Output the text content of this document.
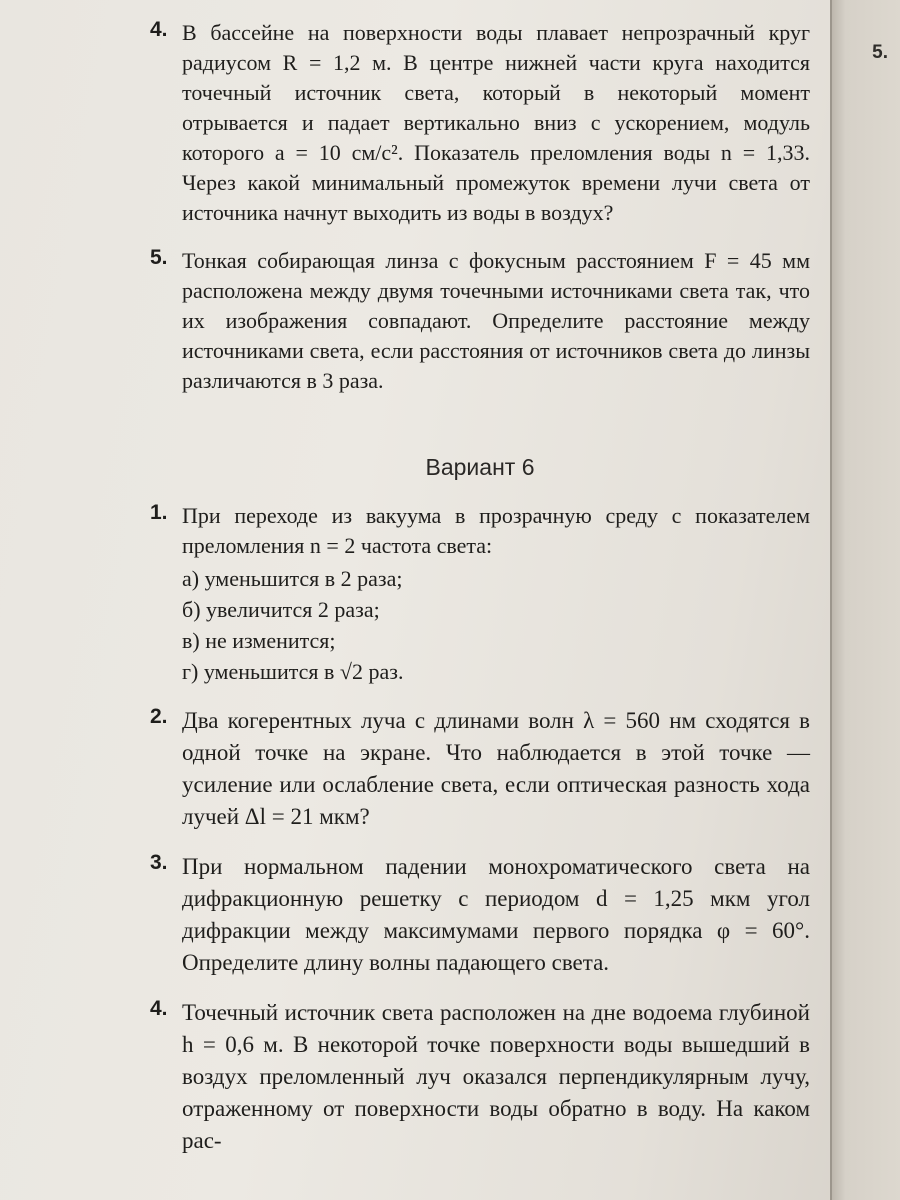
5.
4. В бассейне на поверхности воды плавает непрозрачный круг радиусом R = 1,2 м. В центре нижней части круга находится точечный источник света, который в некоторый момент отрывается и падает вертикально вниз с ускорением, модуль которого a = 10 см/с². Показатель преломления воды n = 1,33. Через какой минимальный промежуток времени лучи света от источника начнут выходить из воды в воздух?
5. Тонкая собирающая линза с фокусным расстоянием F = 45 мм расположена между двумя точечными источниками света так, что их изображения совпадают. Определите расстояние между источниками света, если расстояния от источников света до линзы различаются в 3 раза.
Вариант 6
1. При переходе из вакуума в прозрачную среду с показателем преломления n = 2 частота света:
а) уменьшится в 2 раза;
б) увеличится 2 раза;
в) не изменится;
г) уменьшится в √2 раз.
2. Два когерентных луча с длинами волн λ = 560 нм сходятся в одной точке на экране. Что наблюдается в этой точке — усиление или ослабление света, если оптическая разность хода лучей Δl = 21 мкм?
3. При нормальном падении монохроматического света на дифракционную решетку с периодом d = 1,25 мкм угол дифракции между максимумами первого порядка φ = 60°. Определите длину волны падающего света.
4. Точечный источник света расположен на дне водоема глубиной h = 0,6 м. В некоторой точке поверхности воды вышедший в воздух преломленный луч оказался перпендикулярным лучу, отраженному от поверхности воды обратно в воду. На каком рас-
